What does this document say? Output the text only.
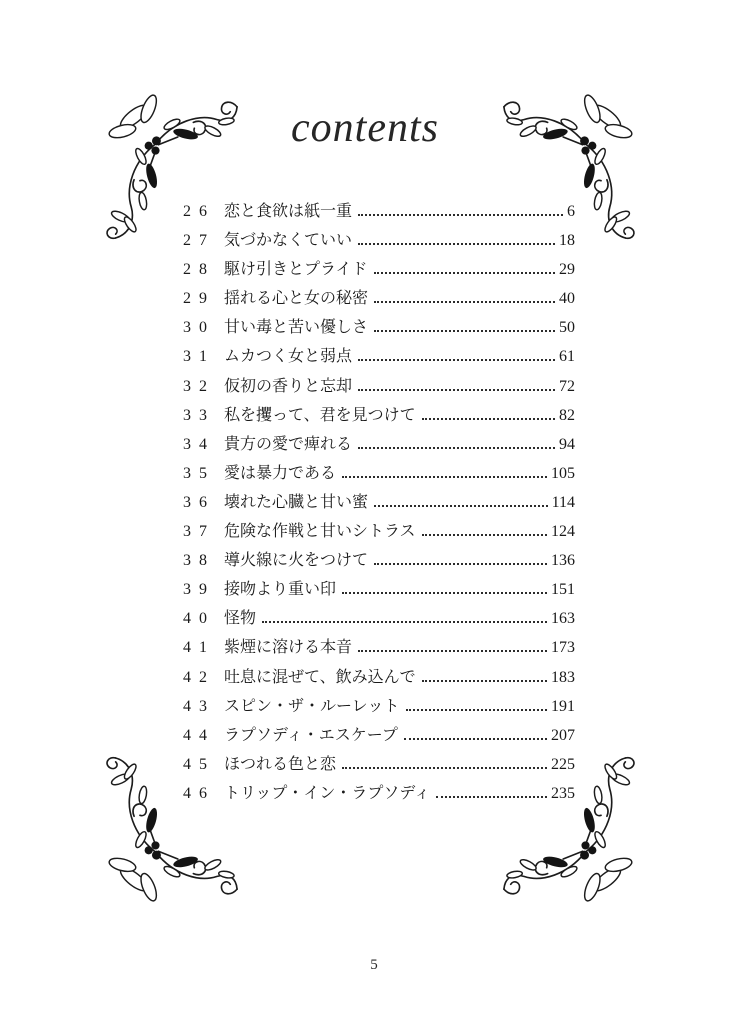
contents
26 恋と食欲は紙一重	6
27 気づかなくていい	18
28 駆け引きとプライド	29
29 揺れる心と女の秘密	40
30 甘い毒と苦い優しさ	50
31 ムカつく女と弱点	61
32 仮初の香りと忘却	72
33 私を攫って、君を見つけて	82
34 貴方の愛で痺れる	94
35 愛は暴力である	105
36 壊れた心臓と甘い蜜	114
37 危険な作戦と甘いシトラス	124
38 導火線に火をつけて	136
39 接吻より重い印	151
40 怪物	163
41 紫煙に溶ける本音	173
42 吐息に混ぜて、飲み込んで	183
43 スピン・ザ・ルーレット	191
44 ラプソディ・エスケープ	207
45 ほつれる色と恋	225
46 トリップ・イン・ラプソディ	235
5
